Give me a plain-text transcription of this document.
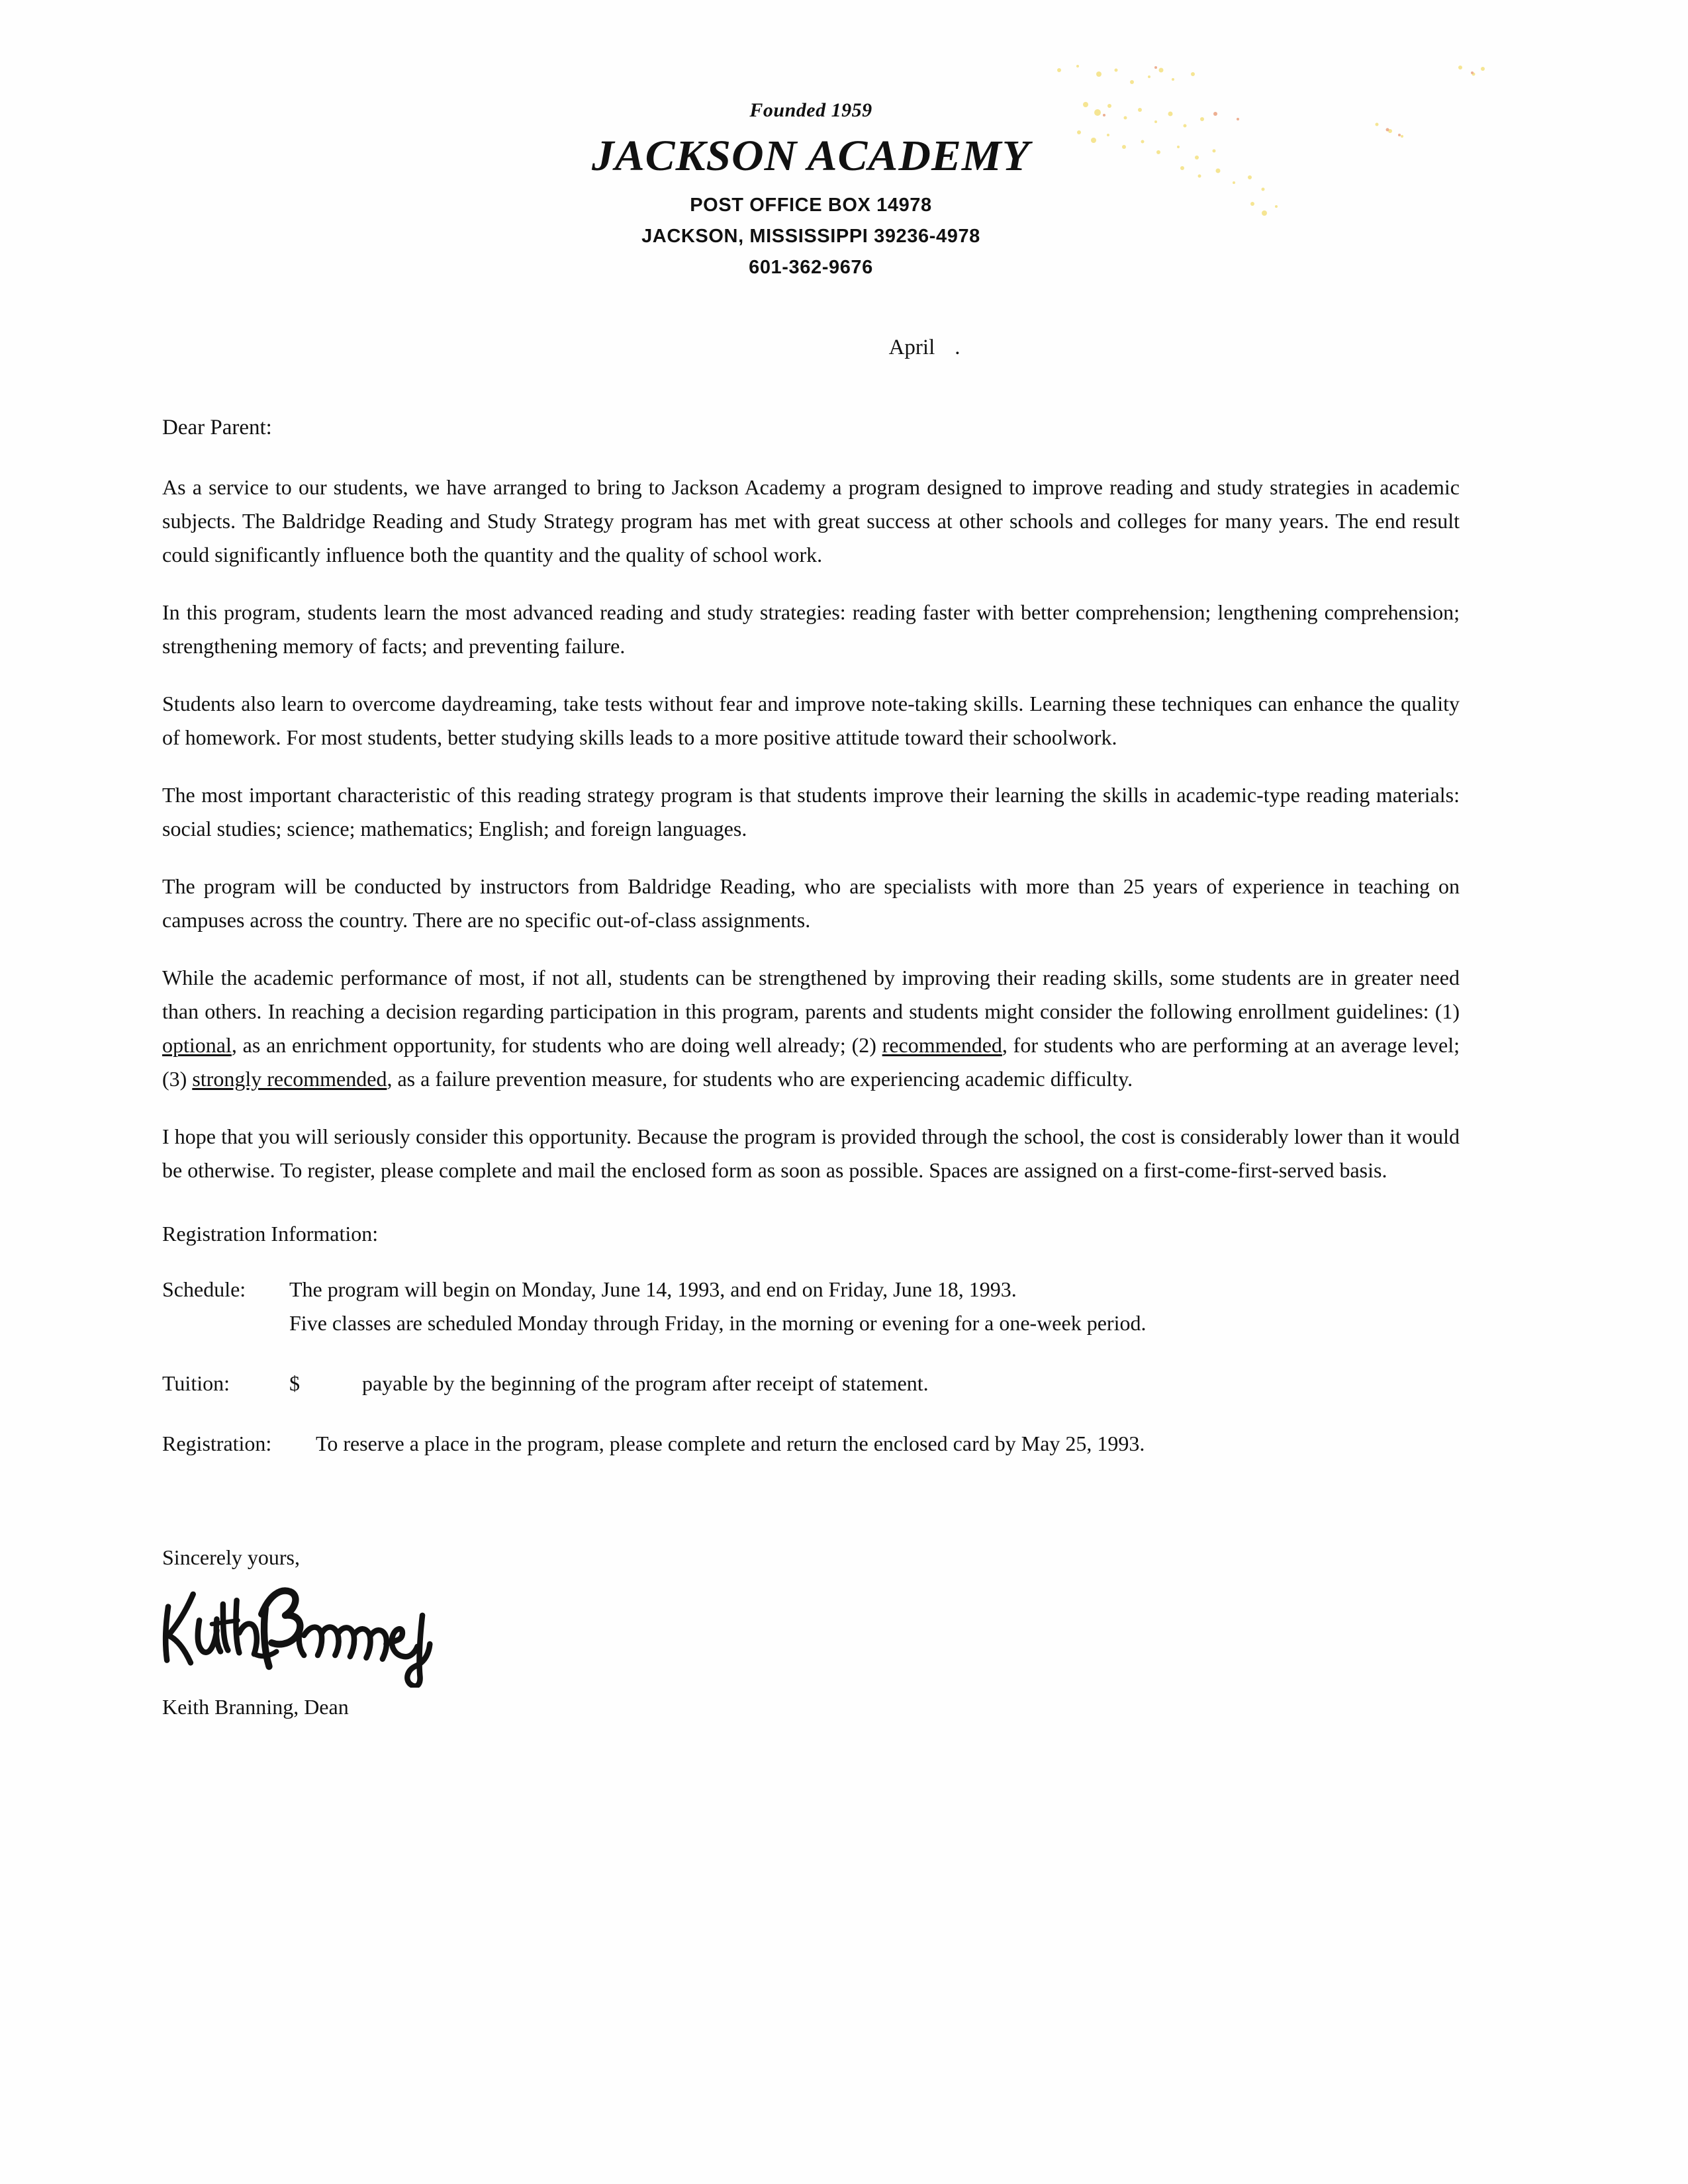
Founded 1959
JACKSON ACADEMY
POST OFFICE BOX 14978
JACKSON, MISSISSIPPI 39236-4978
601-362-9676
April .
Dear Parent:

As a service to our students, we have arranged to bring to Jackson Academy a program designed to improve reading and study strategies in academic subjects. The Baldridge Reading and Study Strategy program has met with great success at other schools and colleges for many years. The end result could significantly influence both the quantity and the quality of school work.

In this program, students learn the most advanced reading and study strategies: reading faster with better comprehension; lengthening comprehension; strengthening memory of facts; and preventing failure.

Students also learn to overcome daydreaming, take tests without fear and improve note-taking skills. Learning these techniques can enhance the quality of homework. For most students, better studying skills leads to a more positive attitude toward their schoolwork.

The most important characteristic of this reading strategy program is that students improve their learning the skills in academic-type reading materials: social studies; science; mathematics; English; and foreign languages.

The program will be conducted by instructors from Baldridge Reading, who are specialists with more than 25 years of experience in teaching on campuses across the country. There are no specific out-of-class assignments.

While the academic performance of most, if not all, students can be strengthened by improving their reading skills, some students are in greater need than others. In reaching a decision regarding participation in this program, parents and students might consider the following enrollment guidelines: (1) optional, as an enrichment opportunity, for students who are doing well already; (2) recommended, for students who are performing at an average level; (3) strongly recommended, as a failure prevention measure, for students who are experiencing academic difficulty.

I hope that you will seriously consider this opportunity. Because the program is provided through the school, the cost is considerably lower than it would be otherwise. To register, please complete and mail the enclosed form as soon as possible. Spaces are assigned on a first-come-first-served basis.

Registration Information:
Schedule:	The program will begin on Monday, June 14, 1993, and end on Friday, June 18, 1993.
Five classes are scheduled Monday through Friday, in the morning or evening for a one-week period.
Tuition:	$	payable by the beginning of the program after receipt of statement.
Registration:	To reserve a place in the program, please complete and return the enclosed card by May 25, 1993.
Sincerely yours,
Keith Branning, Dean
